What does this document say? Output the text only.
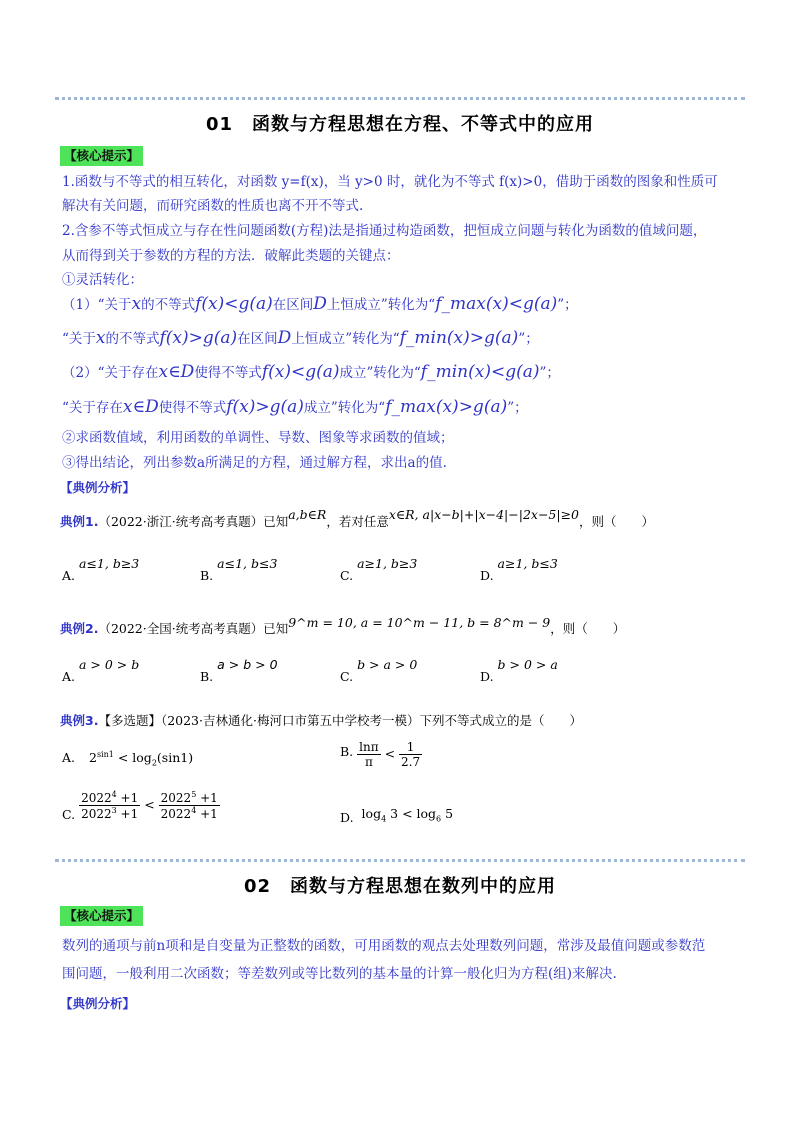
01　函数与方程思想在方程、不等式中的应用
【核心提示】
1.函数与不等式的相互转化，对函数 y=f(x)，当 y>0 时，就化为不等式 f(x)>0，借助于函数的图象和性质可
解决有关问题，而研究函数的性质也离不开不等式.
2.含参不等式恒成立与存在性问题函数(方程)法是指通过构造函数，把恒成立问题与转化为函数的值域问题，
从而得到关于参数的方程的方法．破解此类题的关键点：
①灵活转化：
（1）“关于x的不等式f(x)<g(a)在区间D上恒成立”转化为“f_max(x)<g(a)”；
“关于x的不等式f(x)>g(a)在区间D上恒成立”转化为“f_min(x)>g(a)”；
（2）“关于存在x∈D使得不等式f(x)<g(a)成立”转化为“f_min(x)<g(a)”；
“关于存在x∈D使得不等式f(x)>g(a)成立”转化为“f_max(x)>g(a)”；
②求函数值域，利用函数的单调性、导数、图象等求函数的值域；
③得出结论，列出参数a所满足的方程，通过解方程，求出a的值.
【典例分析】
典例1.（2022·浙江·统考高考真题）已知a,b∈R，若对任意x∈R, a|x−b|+|x−4|−|2x−5|≥0，则（　　）
A. a≤1, b≥3
B. a≤1, b≤3
C. a≥1, b≥3
D. a≥1, b≤3
典例2.（2022·全国·统考高考真题）已知9^m = 10, a = 10^m − 11, b = 8^m − 9，则（　　）
A. a > 0 > b
B. a > b > 0
C. b > a > 0
D. b > 0 > a
典例3.【多选题】（2023·吉林通化·梅河口市第五中学校考一模）下列不等式成立的是（　　）
A. $2^{sin1} < \log_2(\sin 1)$	B. $\frac{\ln\pi}{\pi} < \frac{1}{2.7}$
C. $\frac{2022^4 +1}{2022^3 +1} < \frac{2022^5 +1}{2022^4 +1}$	D. $\log_4 3 < \log_6 5$
02　函数与方程思想在数列中的应用
【核心提示】
数列的通项与前n项和是自变量为正整数的函数，可用函数的观点去处理数列问题，常涉及最值问题或参数范
围问题，一般利用二次函数；等差数列或等比数列的基本量的计算一般化归为方程(组)来解决.
【典例分析】
